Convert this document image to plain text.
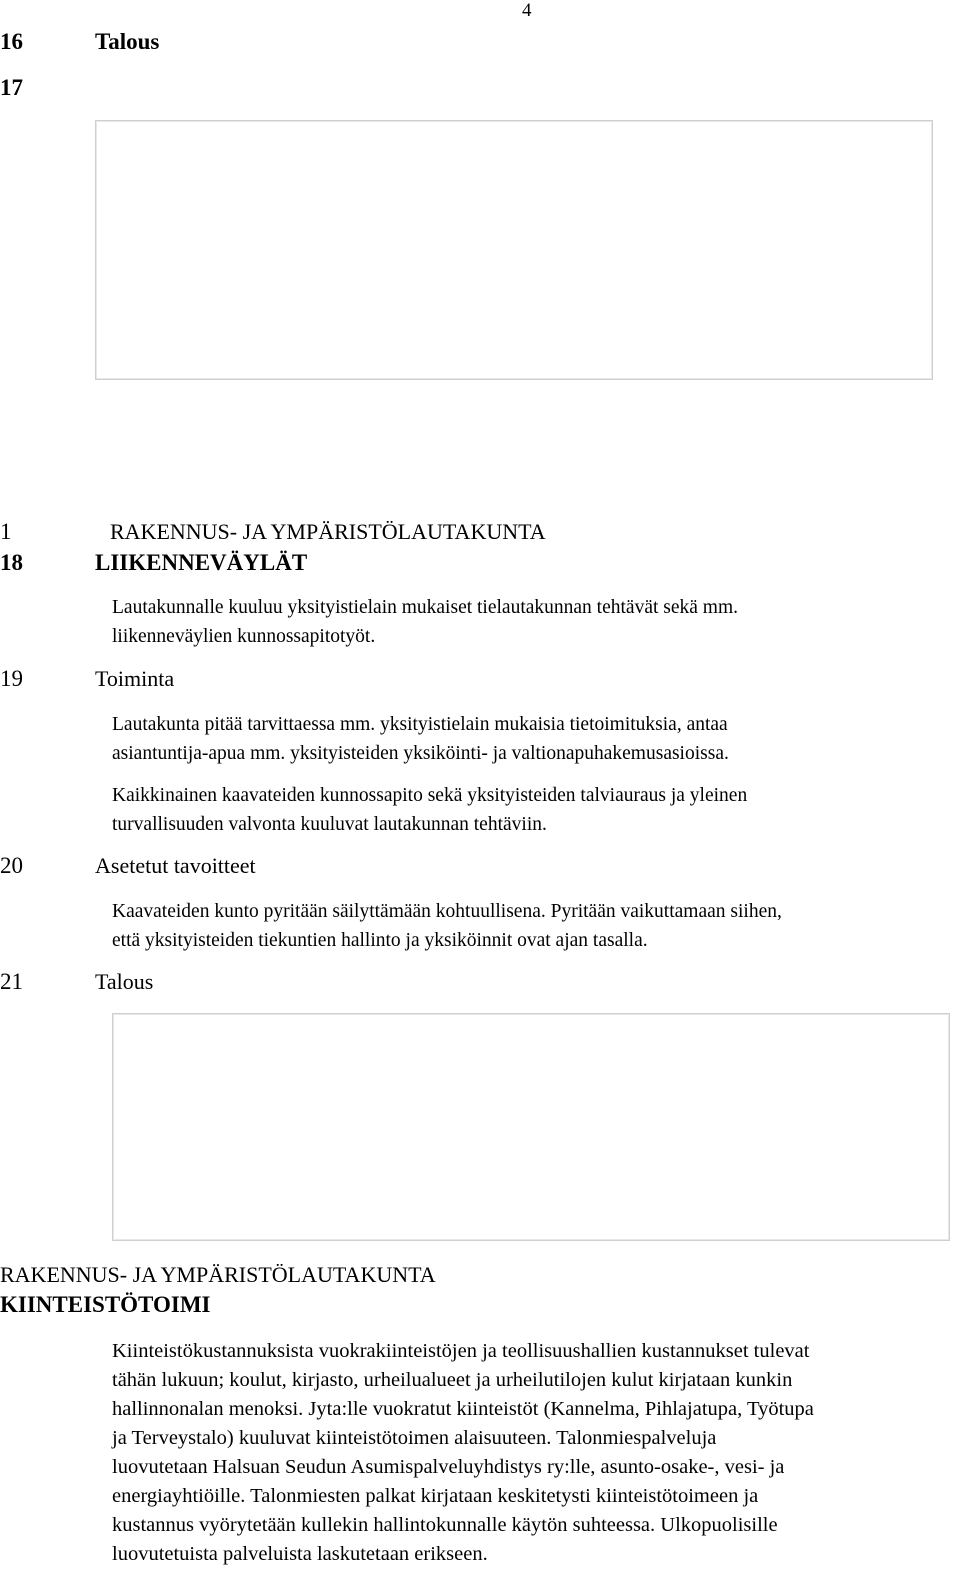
4
16	Talous
17
1	RAKENNUS- JA YMPÄRISTÖLAUTAKUNTA
18	LIIKENNEVÄYLÄT
Lautakunnalle kuuluu yksityistielain mukaiset tielautakunnan tehtävät sekä mm.
liikenneväylien kunnossapitotyöt.
19	Toiminta
Lautakunta pitää tarvittaessa mm. yksityistielain mukaisia tietoimituksia, antaa
asiantuntija-apua mm. yksityisteiden yksiköinti- ja valtionapuhakemusasioissa.
Kaikkinainen kaavateiden kunnossapito sekä yksityisteiden talviauraus ja yleinen
turvallisuuden valvonta kuuluvat lautakunnan tehtäviin.
20	Asetetut tavoitteet
Kaavateiden kunto pyritään säilyttämään kohtuullisena. Pyritään vaikuttamaan siihen,
että yksityisteiden tiekuntien hallinto ja yksiköinnit ovat ajan tasalla.
21	Talous
RAKENNUS- JA YMPÄRISTÖLAUTAKUNTA
KIINTEISTÖTOIMI
Kiinteistökustannuksista vuokrakiinteistöjen ja teollisuushallien kustannukset tulevat
tähän lukuun; koulut, kirjasto, urheilualueet ja urheilutilojen kulut kirjataan kunkin
hallinnonalan menoksi. Jyta:lle vuokratut kiinteistöt (Kannelma, Pihlajatupa, Työtupa
ja Terveystalo) kuuluvat kiinteistötoimen alaisuuteen. Talonmiespalveluja
luovutetaan Halsuan Seudun Asumispalveluyhdistys ry:lle, asunto-osake-, vesi- ja
energiayhtiöille. Talonmiesten palkat kirjataan keskitetysti kiinteistötoimeen ja
kustannus vyörytetään kullekin hallintokunnalle käytön suhteessa. Ulkopuolisille
luovutetuista palveluista laskutetaan erikseen.
